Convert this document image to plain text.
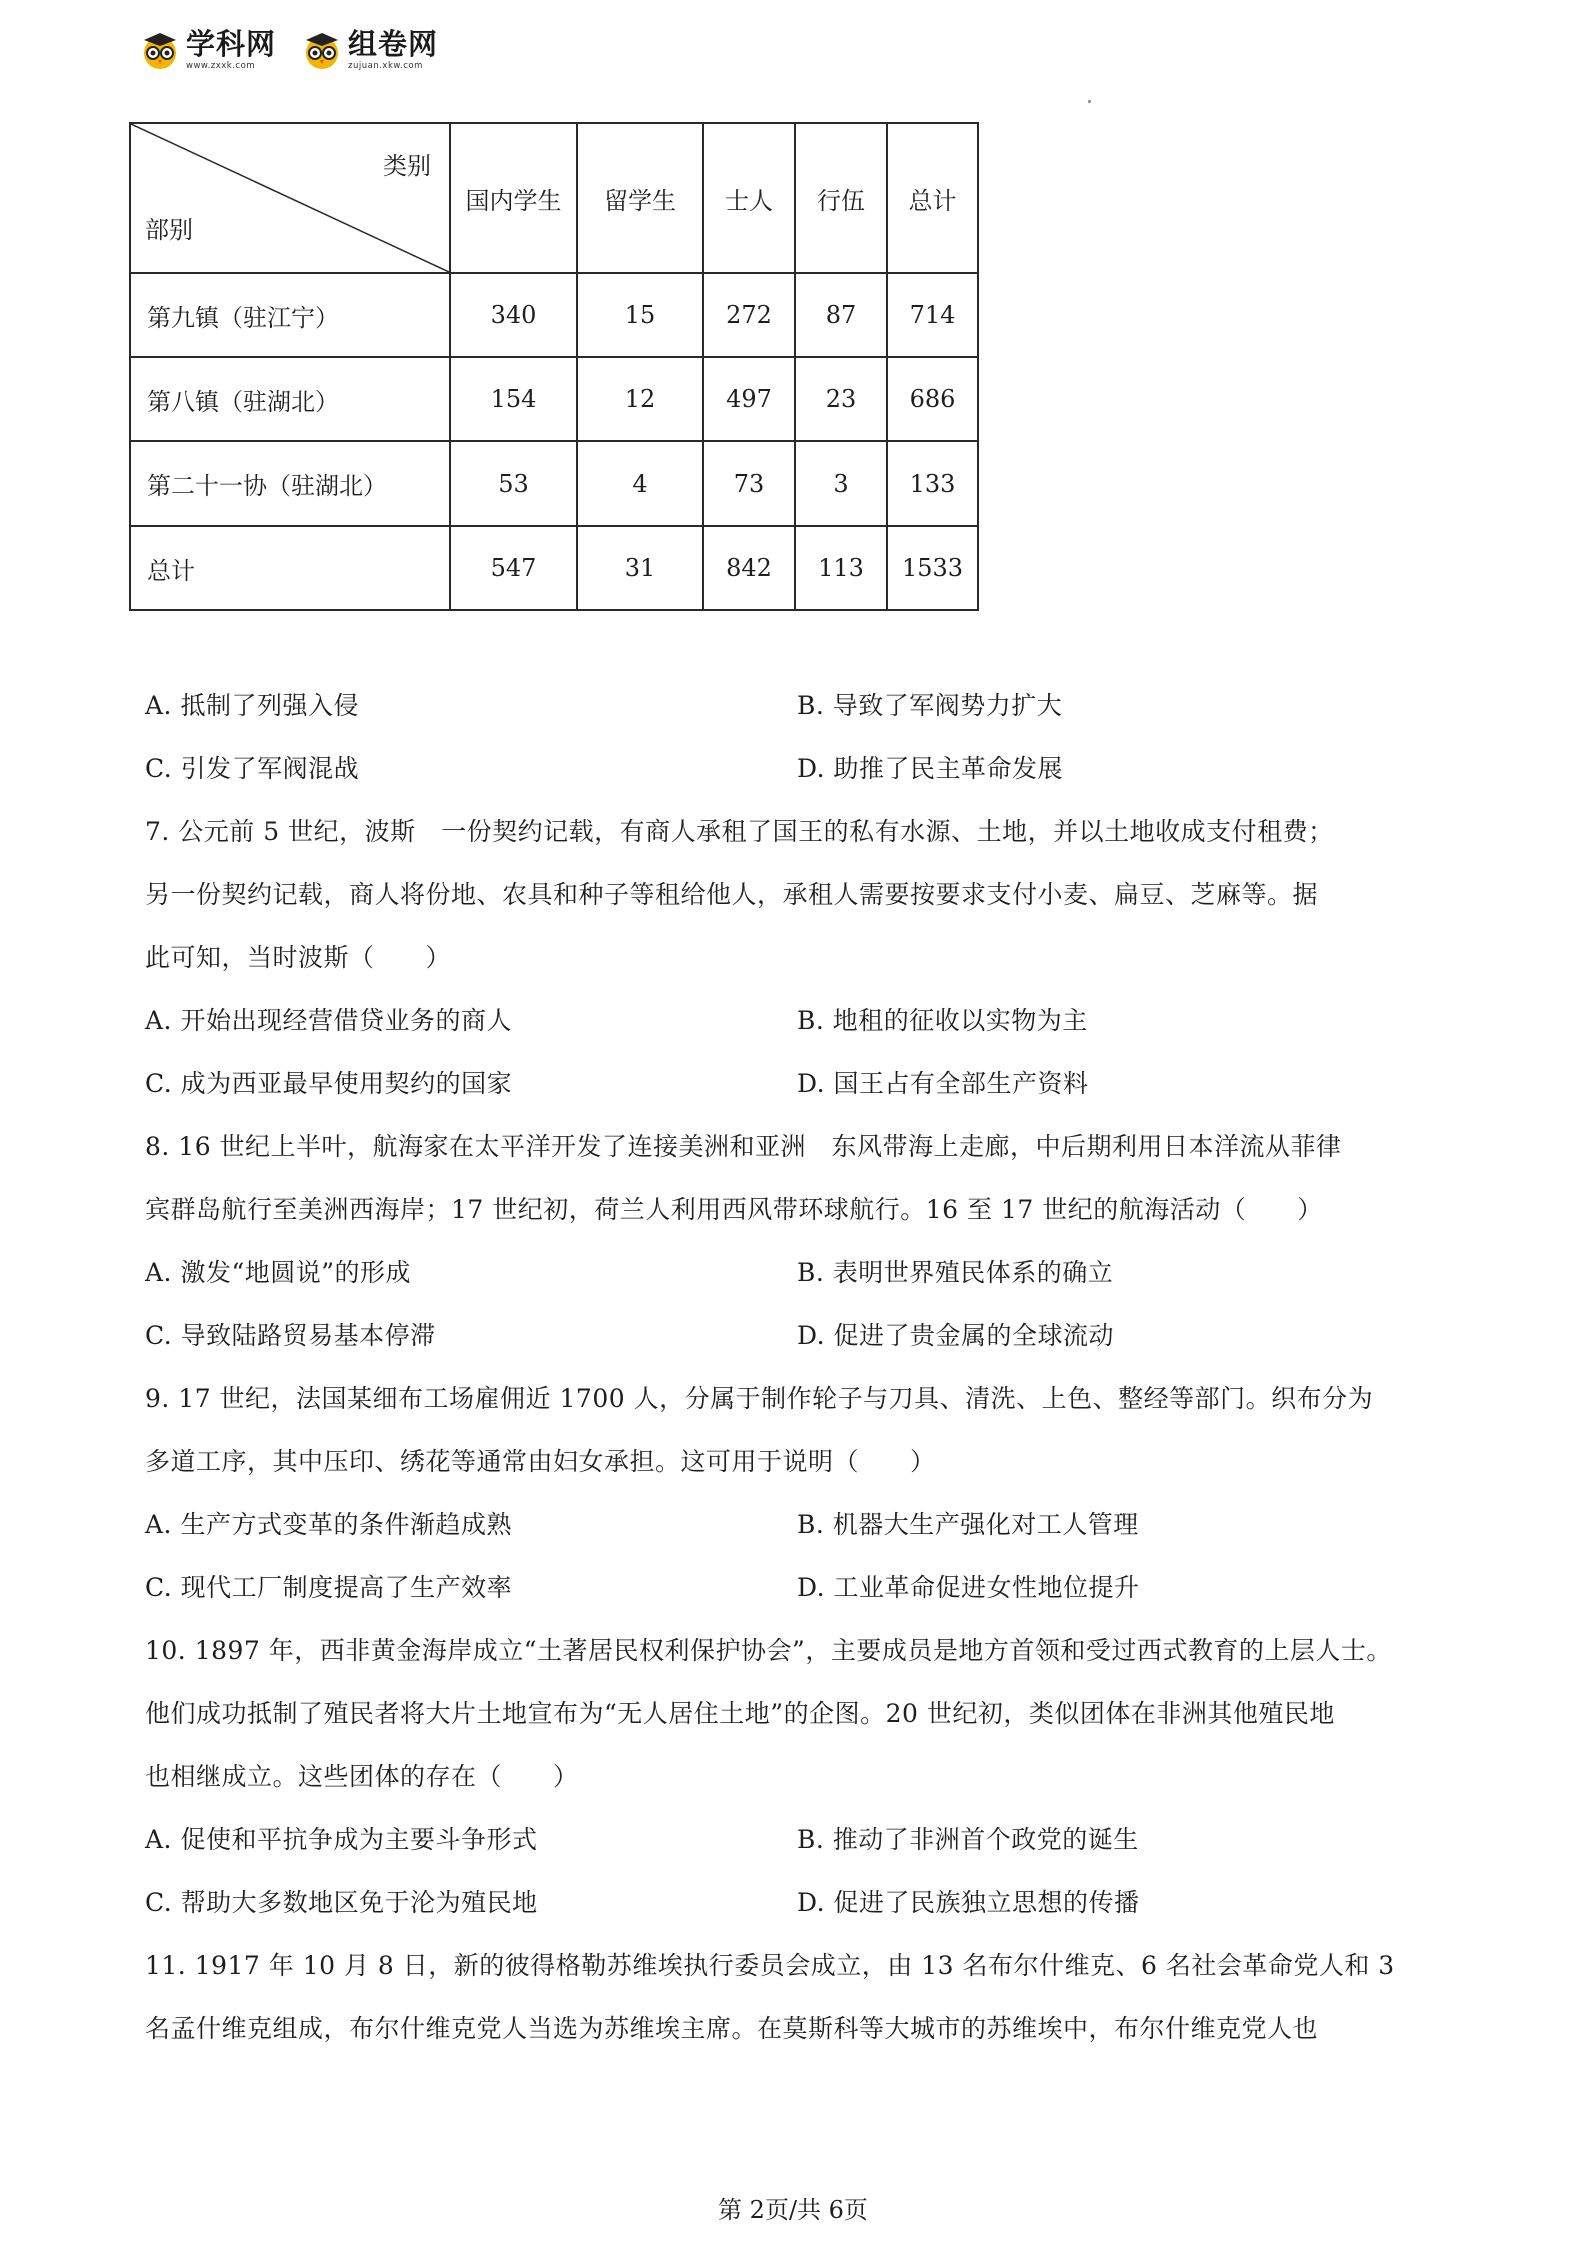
学科网
www.zxxk.com
组卷网
zujuan.xkw.com
类别
部别	国内学生	留学生	士人	行伍	总计
第九镇（驻江宁）	340	15	272	87	714
第八镇（驻湖北）	154	12	497	23	686
第二十一协（驻湖北）	53	4	73	3	133
总计	547	31	842	113	1533
A. 抵制了列强入侵	B. 导致了军阀势力扩大
C. 引发了军阀混战	D. 助推了民主革命发展
7. 公元前 5 世纪，波斯　一份契约记载，有商人承租了国王的私有水源、土地，并以土地收成支付租费；
另一份契约记载，商人将份地、农具和种子等租给他人，承租人需要按要求支付小麦、扁豆、芝麻等。据
此可知，当时波斯（　　）
A. 开始出现经营借贷业务的商人	B. 地租的征收以实物为主
C. 成为西亚最早使用契约的国家	D. 国王占有全部生产资料
8. 16 世纪上半叶，航海家在太平洋开发了连接美洲和亚洲　东风带海上走廊，中后期利用日本洋流从菲律
宾群岛航行至美洲西海岸；17 世纪初，荷兰人利用西风带环球航行。16 至 17 世纪的航海活动（　　）
A. 激发“地圆说”的形成	B. 表明世界殖民体系的确立
C. 导致陆路贸易基本停滞	D. 促进了贵金属的全球流动
9. 17 世纪，法国某细布工场雇佣近 1700 人，分属于制作轮子与刀具、清洗、上色、整经等部门。织布分为
多道工序，其中压印、绣花等通常由妇女承担。这可用于说明（　　）
A. 生产方式变革的条件渐趋成熟	B. 机器大生产强化对工人管理
C. 现代工厂制度提高了生产效率	D. 工业革命促进女性地位提升
10. 1897 年，西非黄金海岸成立“土著居民权利保护协会”，主要成员是地方首领和受过西式教育的上层人士。
他们成功抵制了殖民者将大片土地宣布为“无人居住土地”的企图。20 世纪初，类似团体在非洲其他殖民地
也相继成立。这些团体的存在（　　）
A. 促使和平抗争成为主要斗争形式	B. 推动了非洲首个政党的诞生
C. 帮助大多数地区免于沦为殖民地	D. 促进了民族独立思想的传播
11. 1917 年 10 月 8 日，新的彼得格勒苏维埃执行委员会成立，由 13 名布尔什维克、6 名社会革命党人和 3
名孟什维克组成，布尔什维克党人当选为苏维埃主席。在莫斯科等大城市的苏维埃中，布尔什维克党人也
第 2页/共 6页
